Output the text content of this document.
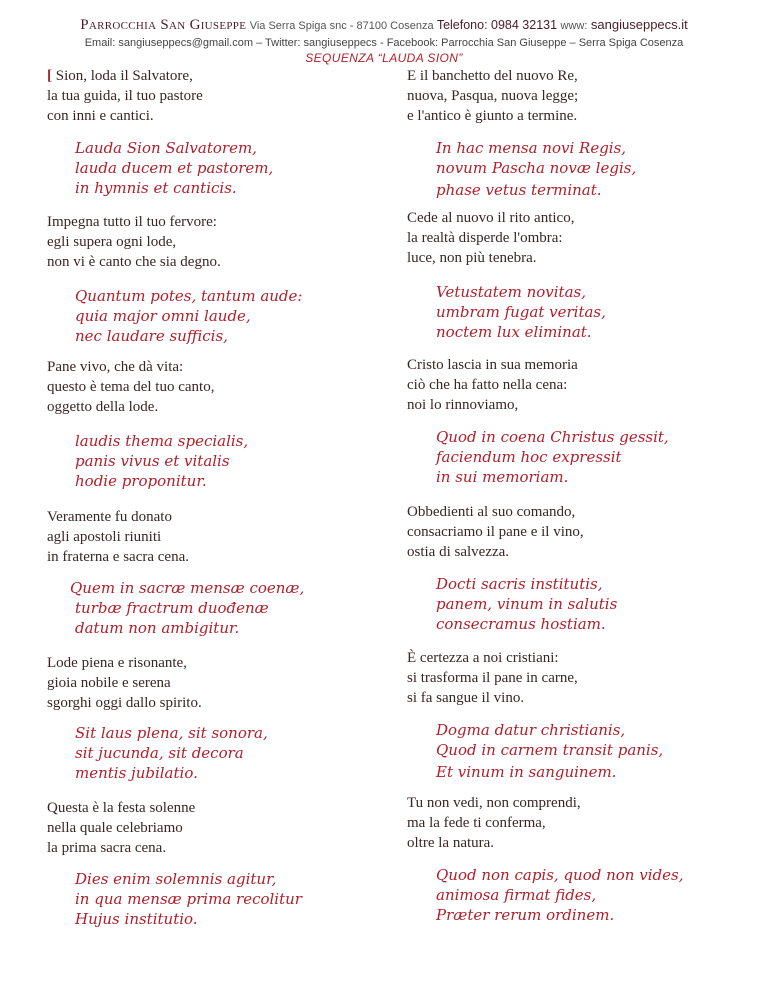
Parrocchia San Giuseppe Via Serra Spiga snc - 87100 Cosenza Telefono: 0984 32131 www: sangiuseppecs.it
Email: sangiuseppecs@gmail.com – Twitter: sangiuseppecs - Facebook: Parrocchia San Giuseppe – Serra Spiga Cosenza
SEQUENZA “LAUDA SION”
[ Sion, loda il Salvatore,
la tua guida, il tuo pastore
con inni e cantici.
Lauda Sion Salvatorem,
lauda ducem et pastorem,
in hymnis et canticis.
Impegna tutto il tuo fervore:
egli supera ogni lode,
non vi è canto che sia degno.
Quantum potes, tantum aude:
quia major omni laude,
nec laudare sufficis,
Pane vivo, che dà vita:
questo è tema del tuo canto,
oggetto della lode.
laudis thema specialis,
panis vivus et vitalis
hodie proponitur.
Veramente fu donato
agli apostoli riuniti
in fraterna e sacra cena.
Quem in sacræ mensæ coenæ,
turbæ fractrum duođenæ
datum non ambigitur.
Lode piena e risonante,
gioia nobile e serena
sgorghi oggi dallo spirito.
Sit laus plena, sit sonora,
sit jucunda, sit decora
mentis jubilatio.
Questa è la festa solenne
nella quale celebriamo
la prima sacra cena.
Dies enim solemnis agitur,
in qua mensæ prima recolitur
Hujus institutio.
E il banchetto del nuovo Re,
nuova, Pasqua, nuova legge;
e l'antico è giunto a termine.
In hac mensa novi Regis,
novum Pascha novæ legis,
phase vetus terminat.
Cede al nuovo il rito antico,
la realtà disperde l'ombra:
luce, non più tenebra.
Vetustatem novitas,
umbram fugat veritas,
noctem lux eliminat.
Cristo lascia in sua memoria
ciò che ha fatto nella cena:
noi lo rinnoviamo,
Quod in coena Christus gessit,
faciendum hoc expressit
in sui memoriam.
Obbedienti al suo comando,
consacriamo il pane e il vino,
ostia di salvezza.
Docti sacris institutis,
panem, vinum in salutis
consecramus hostiam.
È certezza a noi cristiani:
si trasforma il pane in carne,
si fa sangue il vino.
Dogma datur christianis,
Quod in carnem transit panis,
Et vinum in sanguinem.
Tu non vedi, non comprendi,
ma la fede ti conferma,
oltre la natura.
Quod non capis, quod non vides,
animosa firmat fides,
Præter rerum ordinem.
